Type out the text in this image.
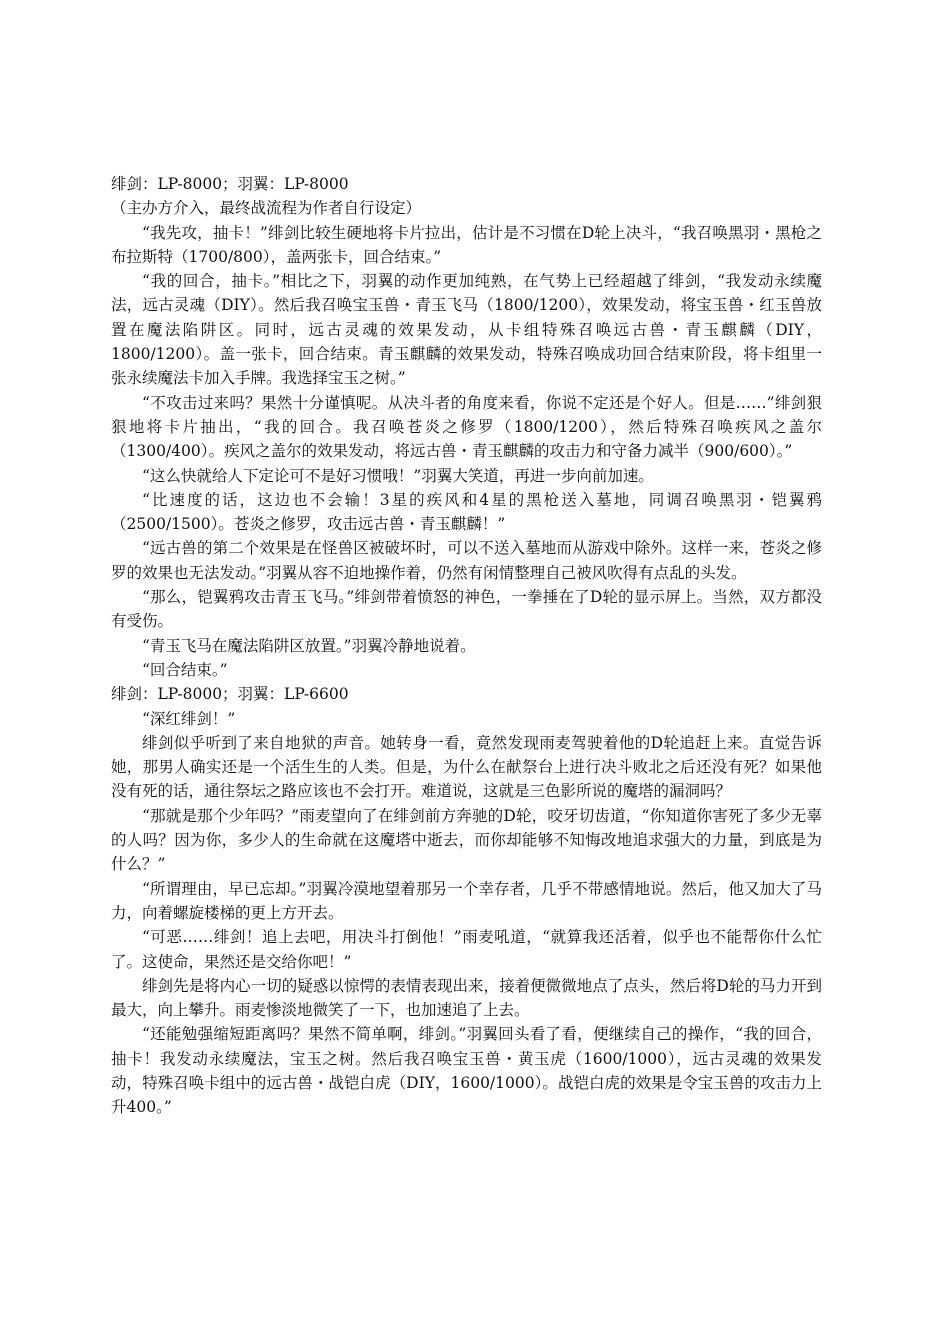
绯剑：LP-8000；羽翼：LP-8000

（主办方介入，最终战流程为作者自行设定）

“我先攻，抽卡！”绯剑比较生硬地将卡片拉出，估计是不习惯在D轮上决斗，“我召唤黑羽・黑枪之布拉斯特（1700/800），盖两张卡，回合结束。”

“我的回合，抽卡。”相比之下，羽翼的动作更加纯熟，在气势上已经超越了绯剑，“我发动永续魔法，远古灵魂（DIY）。然后我召唤宝玉兽・青玉飞马（1800/1200），效果发动，将宝玉兽・红玉兽放置在魔法陷阱区。同时，远古灵魂的效果发动，从卡组特殊召唤远古兽・青玉麒麟（DIY，1800/1200）。盖一张卡，回合结束。青玉麒麟的效果发动，特殊召唤成功回合结束阶段，将卡组里一张永续魔法卡加入手牌。我选择宝玉之树。”

“不攻击过来吗？果然十分谨慎呢。从决斗者的角度来看，你说不定还是个好人。但是……”绯剑狠狠地将卡片抽出，“我的回合。我召唤苍炎之修罗（1800/1200），然后特殊召唤疾风之盖尔（1300/400）。疾风之盖尔的效果发动，将远古兽・青玉麒麟的攻击力和守备力减半（900/600）。”

“这么快就给人下定论可不是好习惯哦！”羽翼大笑道，再进一步向前加速。

“比速度的话，这边也不会输！3星的疾风和4星的黑枪送入墓地，同调召唤黑羽・铠翼鸦（2500/1500）。苍炎之修罗，攻击远古兽・青玉麒麟！”

“远古兽的第二个效果是在怪兽区被破坏时，可以不送入墓地而从游戏中除外。这样一来，苍炎之修罗的效果也无法发动。”羽翼从容不迫地操作着，仍然有闲情整理自己被风吹得有点乱的头发。

“那么，铠翼鸦攻击青玉飞马。”绯剑带着愤怒的神色，一拳捶在了D轮的显示屏上。当然，双方都没有受伤。

“青玉飞马在魔法陷阱区放置。”羽翼冷静地说着。

“回合结束。”

绯剑：LP-8000；羽翼：LP-6600

“深红绯剑！”

绯剑似乎听到了来自地狱的声音。她转身一看，竟然发现雨麦驾驶着他的D轮追赶上来。直觉告诉她，那男人确实还是一个活生生的人类。但是，为什么在献祭台上进行决斗败北之后还没有死？如果他没有死的话，通往祭坛之路应该也不会打开。难道说，这就是三色影所说的魔塔的漏洞吗？

“那就是那个少年吗？”雨麦望向了在绯剑前方奔驰的D轮，咬牙切齿道，“你知道你害死了多少无辜的人吗？因为你，多少人的生命就在这魔塔中逝去，而你却能够不知悔改地追求强大的力量，到底是为什么？”

“所谓理由，早已忘却。”羽翼冷漠地望着那另一个幸存者，几乎不带感情地说。然后，他又加大了马力，向着螺旋楼梯的更上方开去。

“可恶……绯剑！追上去吧，用决斗打倒他！”雨麦吼道，“就算我还活着，似乎也不能帮你什么忙了。这使命，果然还是交给你吧！”

绯剑先是将内心一切的疑惑以惊愕的表情表现出来，接着便微微地点了点头，然后将D轮的马力开到最大，向上攀升。雨麦惨淡地微笑了一下，也加速追了上去。

“还能勉强缩短距离吗？果然不简单啊，绯剑。”羽翼回头看了看，便继续自己的操作，“我的回合，抽卡！我发动永续魔法，宝玉之树。然后我召唤宝玉兽・黄玉虎（1600/1000），远古灵魂的效果发动，特殊召唤卡组中的远古兽・战铠白虎（DIY，1600/1000）。战铠白虎的效果是令宝玉兽的攻击力上升400。”
